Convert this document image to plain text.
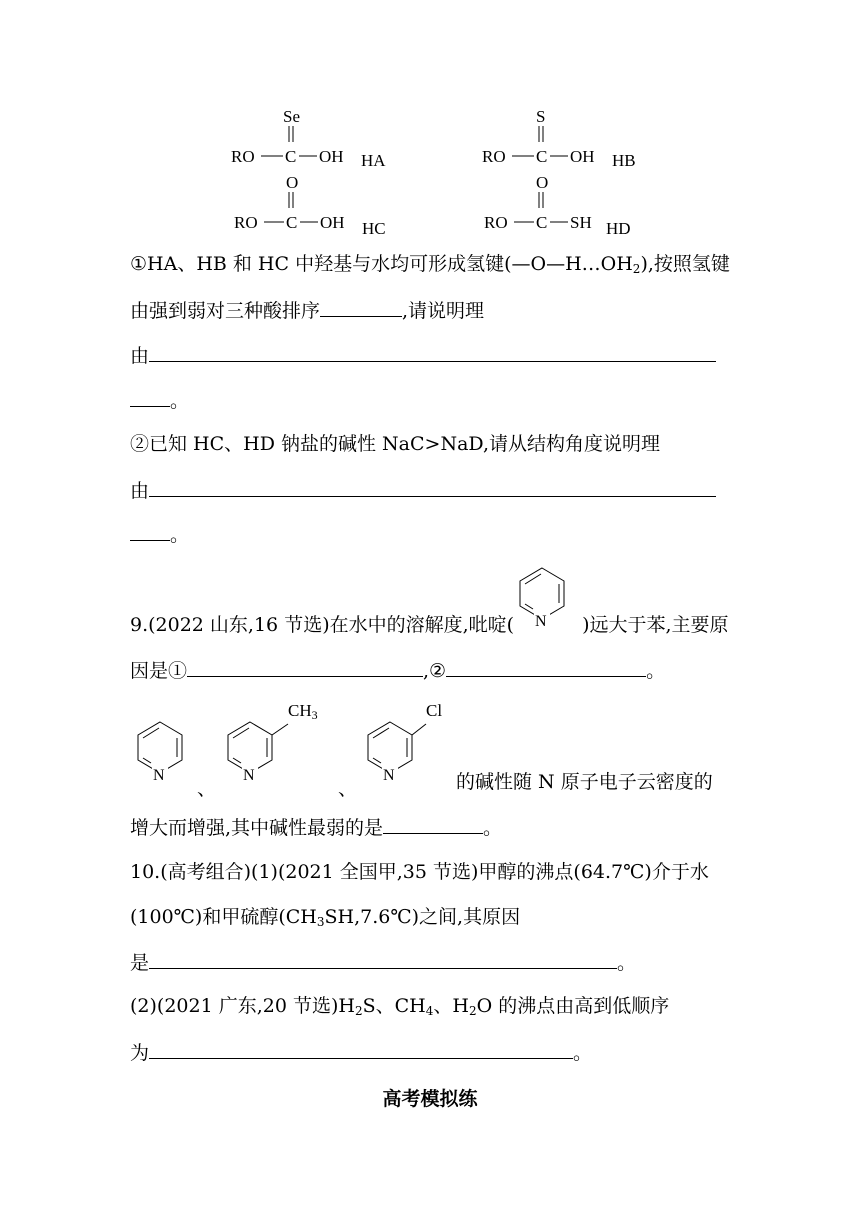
Se
RO C OH HA
S
RO C OH HB
O
RO C OH HC
O
RO C SH HD
①HA、HB 和 HC 中羟基与水均可形成氢键$(—O—H\dots OH_2)$,按照氢键
由强到弱对三种酸排序	,请说明理
由
。
②已知 HC、HD 钠盐的碱性 NaC>NaD,请从结构角度说明理
由
。
9.(2022 山东,16 节选)在水中的溶解度,吡啶(	)远大于苯,主要原
N
因是①	,②	。
N
、
CH3
N
、
Cl
N	的碱性随 N 原子电子云密度的
增大而增强,其中碱性最弱的是	。
10.(高考组合)(1)(2021 全国甲,35 节选)甲醇的沸点(64.7℃)介于水
(100℃)和甲硫醇$(CH_3SH,7.6℃)$之间,其原因
是	。
(2)(2021 广东,20 节选)$H_2S$、$CH_4$、$H_2O$ 的沸点由高到低顺序
为	。
高考模拟练
